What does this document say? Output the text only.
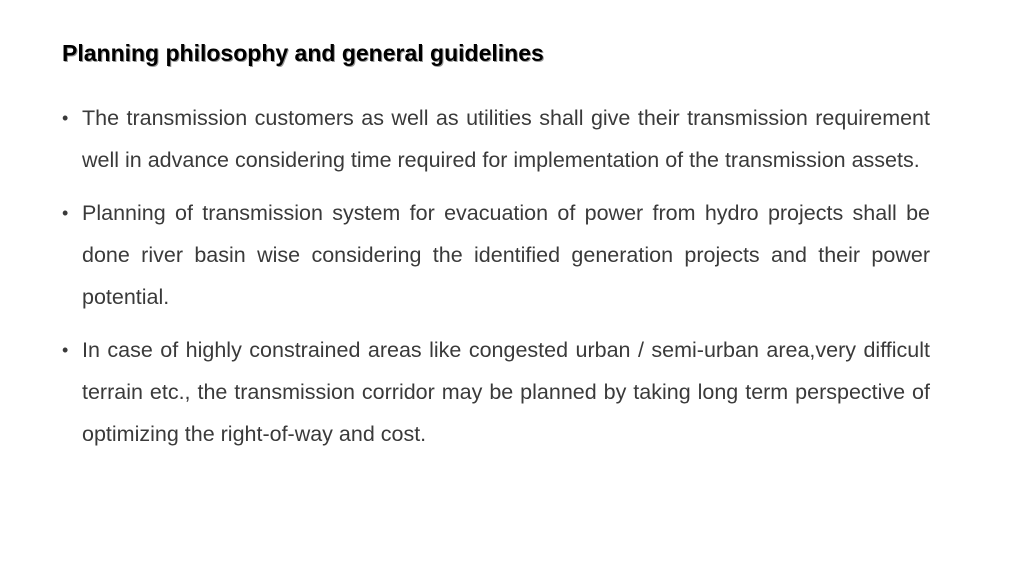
Planning philosophy and general guidelines
• The transmission customers as well as utilities shall give their transmission requirement well in advance considering time required for implementation of the transmission assets.
• Planning of transmission system for evacuation of power from hydro projects shall be done river basin wise considering the identified generation projects and their power potential.
• In case of highly constrained areas like congested urban / semi-urban area,very difficult terrain etc., the transmission corridor may be planned by taking long term perspective of optimizing the right-of-way and cost.
